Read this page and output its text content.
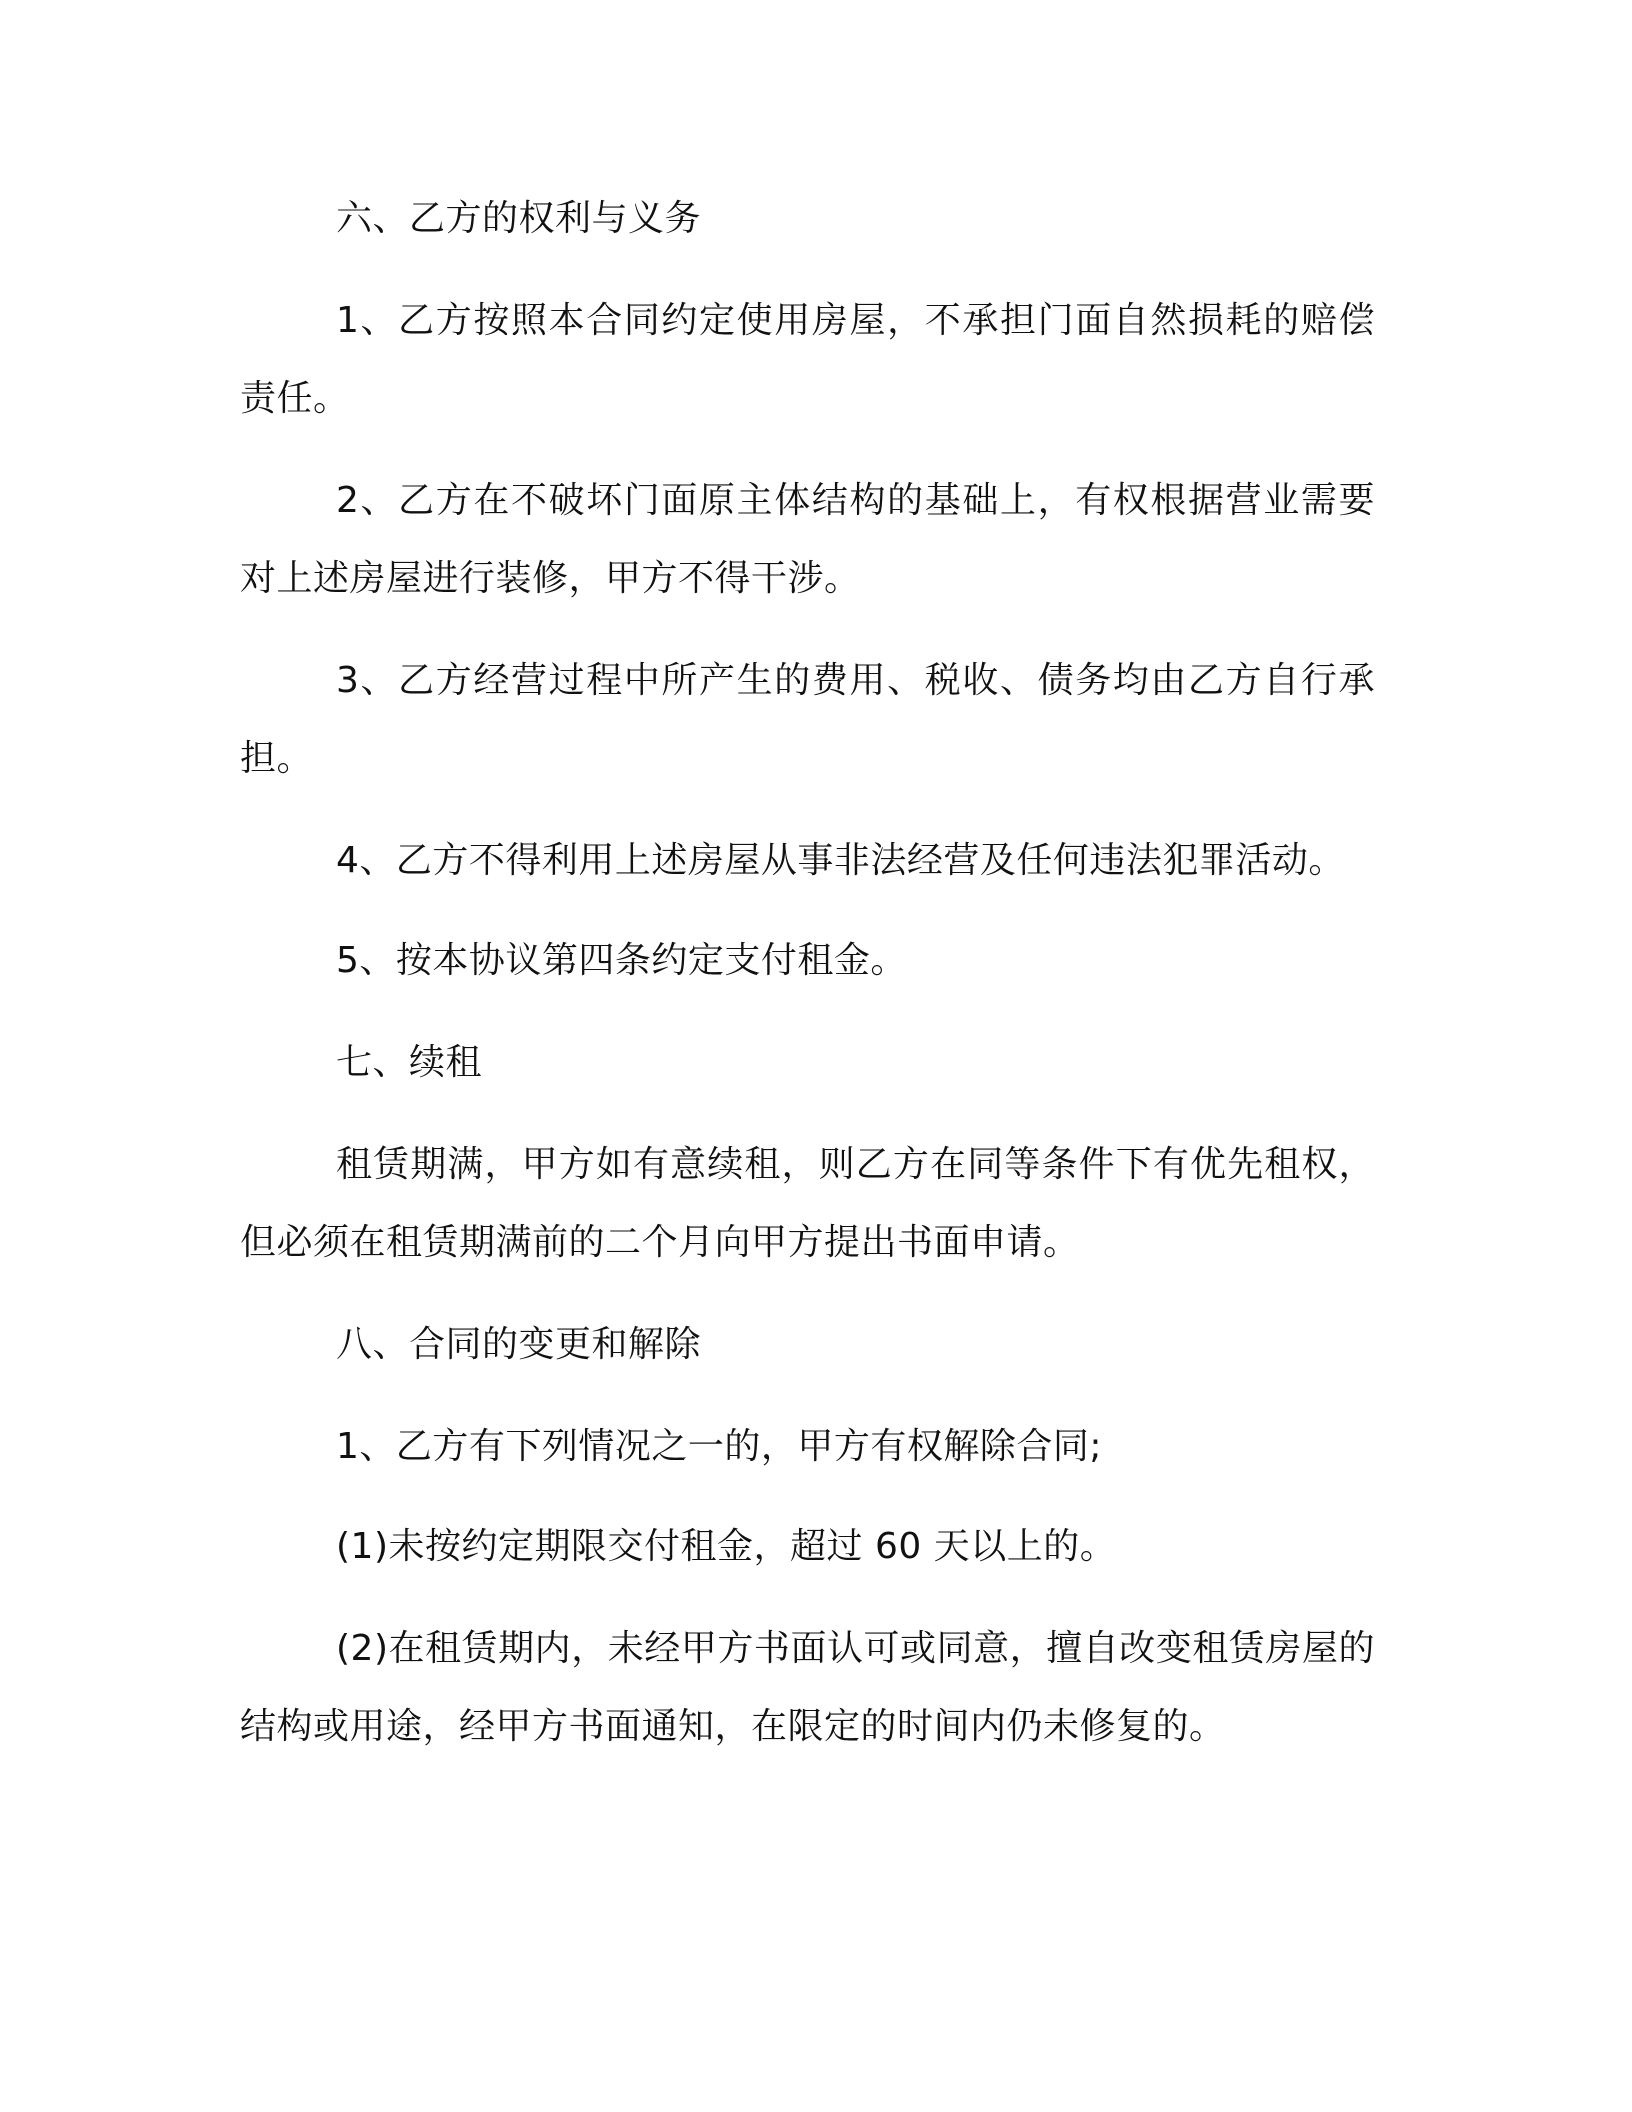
六、乙方的权利与义务

1、乙方按照本合同约定使用房屋，不承担门面自然损耗的赔偿责任。

2、乙方在不破坏门面原主体结构的基础上，有权根据营业需要对上述房屋进行装修，甲方不得干涉。

3、乙方经营过程中所产生的费用、税收、债务均由乙方自行承担。

4、乙方不得利用上述房屋从事非法经营及任何违法犯罪活动。

5、按本协议第四条约定支付租金。

七、续租

租赁期满，甲方如有意续租，则乙方在同等条件下有优先租权，但必须在租赁期满前的二个月向甲方提出书面申请。

八、合同的变更和解除

1、乙方有下列情况之一的，甲方有权解除合同;

(1)未按约定期限交付租金，超过 60 天以上的。

(2)在租赁期内，未经甲方书面认可或同意，擅自改变租赁房屋的结构或用途，经甲方书面通知，在限定的时间内仍未修复的。
